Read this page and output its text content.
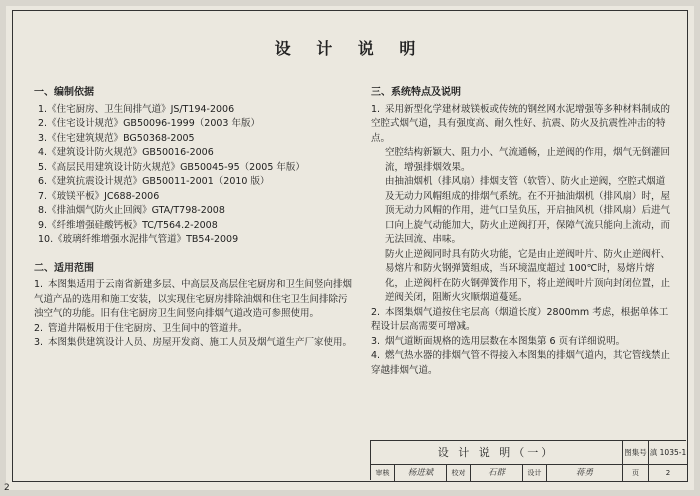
设 计 说 明
一、编制依据
1.《住宅厨房、卫生间排气道》JS/T194-2006
2.《住宅设计规范》GB50096-1999（2003 年版）
3.《住宅建筑规范》BG50368-2005
4.《建筑设计防火规范》GB50016-2006
5.《高层民用建筑设计防火规范》GB50045-95（2005 年版）
6.《建筑抗震设计规范》GB50011-2001（2010 版）
7.《玻镁平板》JC688-2006
8.《排油烟气防火止回阀》GTA/T798-2008
9.《纤维增强硅酸钙板》TC/T564.2-2008
10.《玻璃纤维增强水泥排气管道》TB54-2009
二、适用范围

1. 本图集适用于云南省新建多层、中高层及高层住宅厨房和卫生间竖向排烟气道产品的选用和施工安装，以实现住宅厨房排除油烟和住宅卫生间排除污浊空气的功能。旧有住宅厨房卫生间竖向排烟气道改造可参照使用。

2. 管道井隔板用于住宅厨房、卫生间中的管道井。

3. 本图集供建筑设计人员、房屋开发商、施工人员及烟气道生产厂家使用。

三、系统特点及说明

1. 采用新型化学建材玻镁板或传统的钢丝网水泥增强等多种材料制成的空腔式烟气道，具有强度高、耐久性好、抗震、防火及抗震性冲击的特点。

空腔结构新颖大、阻力小、气流通畅，止逆阀的作用，烟气无倒灌回流，增强排烟效果。

由抽油烟机（排风扇）排烟支管（软管）、防火止逆阀，空腔式烟道及无动力风帽组成的排烟气系统。在不开抽油烟机（排风扇）时，屋顶无动力风帽的作用，进气口呈负压，开启抽风机（排风扇）后进气口向上旋气动能加大，防火止逆阀打开，保障气流只能向上流动，而无法回流、串味。

防火止逆阀同时具有防火功能，它是由止逆阀叶片、防火止逆阀杆、易熔片和防火钢弹簧组成，当环境温度超过 100℃时，易熔片熔化，止逆阀杆在防火钢弹簧作用下，将止逆阀叶片顶向封闭位置，止逆阀关闭，阻断火灾顺烟道蔓延。

2. 本图集烟气道按住宅层高（烟道长度）2800mm 考虑，根据单体工程设计层高需要可增减。

3. 烟气道断面规格的选用层数在本图集第 6 页有详细说明。

4. 燃气热水器的排烟气管不得接入本图集的排烟气道内，其它管线禁止穿越排烟气道。

设 计 说 明（一）	图集号 滇 1035-1
审核	杨进斌	校对	石群	设计	蒋勇	页	2
2
